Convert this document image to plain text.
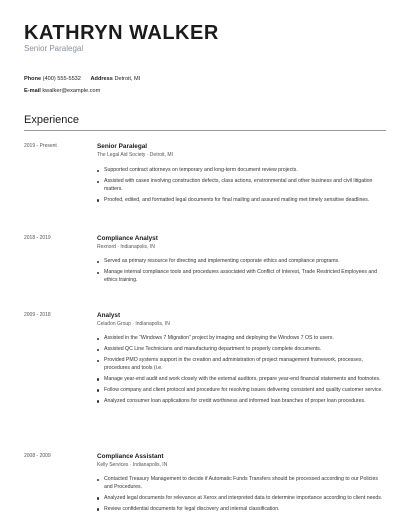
KATHRYN WALKER
Senior Paralegal
Phone (400) 555-5532 Address Detroit, MI
E-mail kwalker@example.com
Experience
2019 - Present	Senior Paralegal
The Legal Aid Society · Detroit, MI
Supported contract attorneys on temporary and long-term document review projects.
Assisted with cases involving construction defects, class actions, environmental and other business and civil litigation matters.
Proofed, edited, and formatted legal documents for final mailing and assured mailing met timely sensitive deadlines.
2018 - 2019	Compliance Analyst
Rexnord · Indianapolis, IN
Served as primary resource for directing and implementing corporate ethics and compliance programs.
Manage internal compliance tools and procedures associated with Conflict of Interest, Trade Restricted Employees and ethics training.
2009 - 2018	Analyst
Celadon Group · Indianapolis, IN
Assisted in the “Windows 7 Migration” project by imaging and deploying the Windows 7 OS to users.
Assisted QC Line Technicians and manufacturing department to properly complete documents.
Provided PMO systems support in the creation and administration of project management framework, processes, procedures and tools (i.e.
Manage year-end audit and work closely with the external auditors, prepare year-end financial statements and footnotes.
Follow company and client protocol and procedure for resolving issues delivering consistent and quality customer service.
Analyzed consumer loan applications for credit worthiness and informed loan branches of proper loan procedures.
2008 - 2009	Compliance Assistant
Kelly Services · Indianapolis, IN
Contacted Treasury Management to decide if Automatic Funds Transfers should be processed according to our Policies and Procedures.
Analyzed legal documents for relevance at Xerox and interpreted data to determine importance according to client needs.
Review confidential documents for legal discovery and internal classification.
